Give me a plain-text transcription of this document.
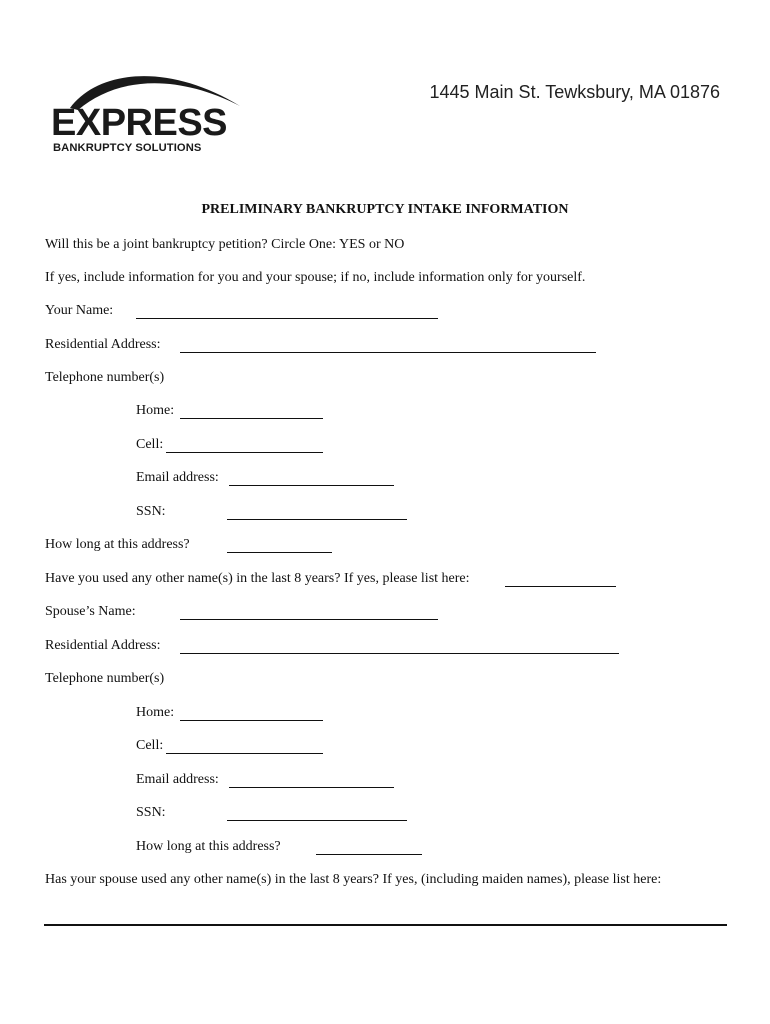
EXPRESS
BANKRUPTCY SOLUTIONS
1445 Main St. Tewksbury, MA 01876
PRELIMINARY BANKRUPTCY INTAKE INFORMATION
Will this be a joint bankruptcy petition? Circle One: YES or NO
If yes, include information for you and your spouse; if no, include information only for yourself.
Your Name:
Residential Address:
Telephone number(s)
Home:
Cell:
Email address:
SSN:
How long at this address?
Have you used any other name(s) in the last 8 years? If yes, please list here:
Spouse’s Name:
Residential Address:
Telephone number(s)
Home:
Cell:
Email address:
SSN:
How long at this address?
Has your spouse used any other name(s) in the last 8 years? If yes, (including maiden names), please list here:
